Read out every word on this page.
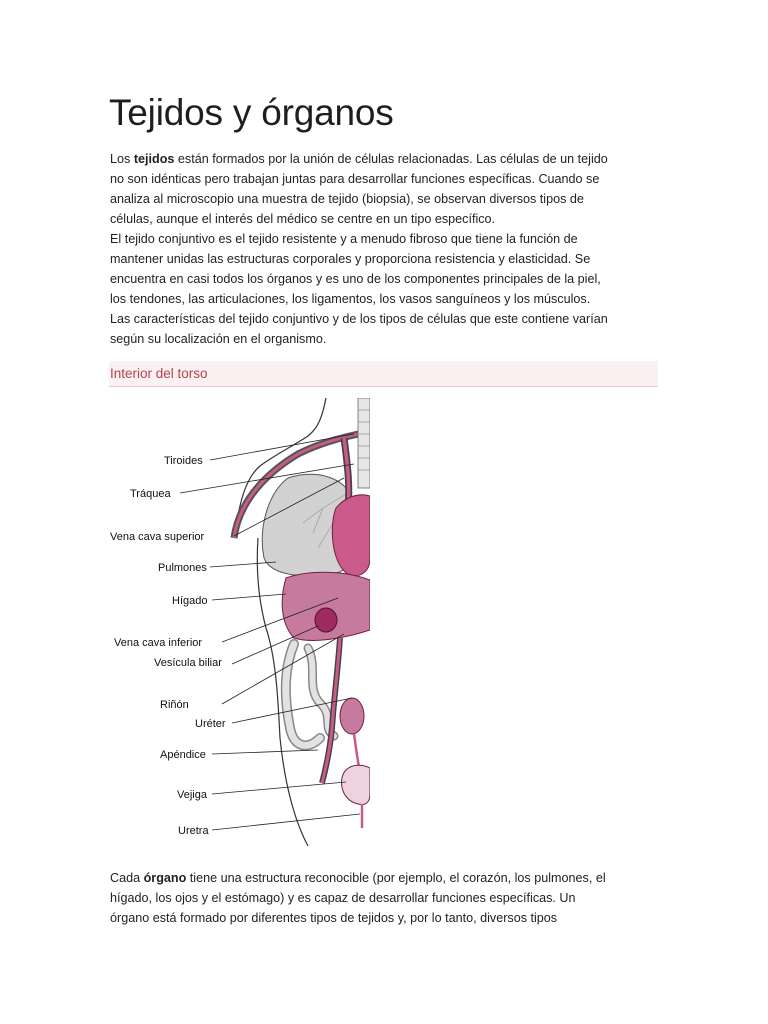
Tejidos y órganos
Los tejidos están formados por la unión de células relacionadas. Las células de un tejido
no son idénticas pero trabajan juntas para desarrollar funciones específicas. Cuando se
analiza al microscopio una muestra de tejido (biopsia), se observan diversos tipos de
células, aunque el interés del médico se centre en un tipo específico.
El tejido conjuntivo es el tejido resistente y a menudo fibroso que tiene la función de
mantener unidas las estructuras corporales y proporciona resistencia y elasticidad. Se
encuentra en casi todos los órganos y es uno de los componentes principales de la piel,
los tendones, las articulaciones, los ligamentos, los vasos sanguíneos y los músculos.
Las características del tejido conjuntivo y de los tipos de células que este contiene varían
según su localización en el organismo.
Interior del torso
Tiroides
Tráquea
Vena cava superior
Pulmones
Hígado
Vena cava inferior
Vesícula biliar
Riñón
Uréter
Apéndice
Vejiga
Uretra
Cada órgano tiene una estructura reconocible (por ejemplo, el corazón, los pulmones, el
hígado, los ojos y el estómago) y es capaz de desarrollar funciones específicas. Un
órgano está formado por diferentes tipos de tejidos y, por lo tanto, diversos tipos
